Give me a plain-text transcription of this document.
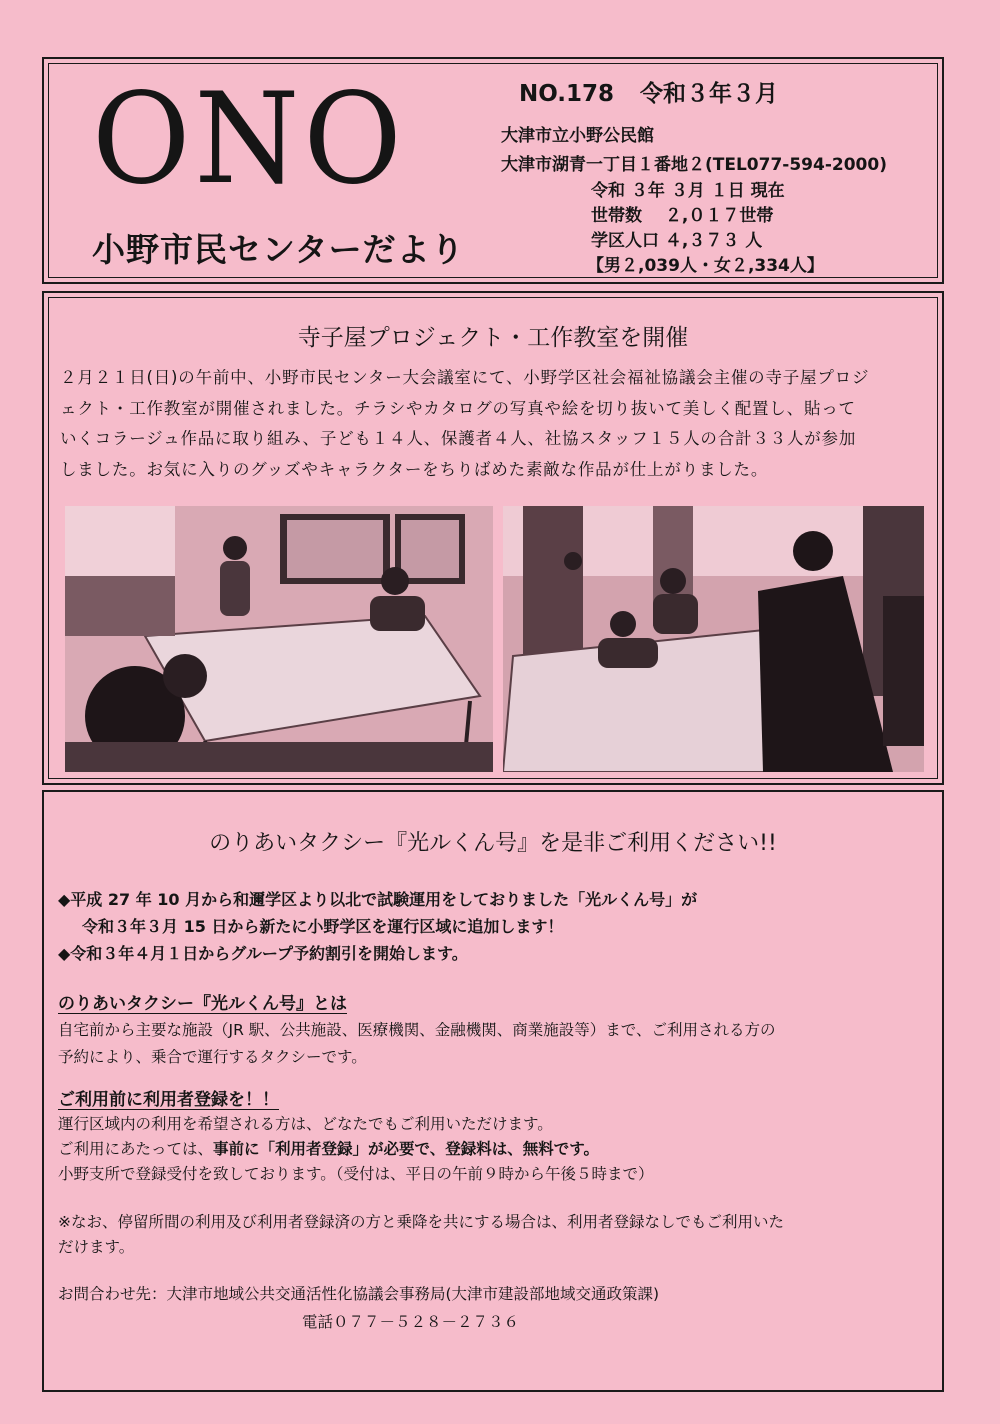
ONO
小野市民センターだより
NO.178 令和３年３月
大津市立小野公民館
大津市湖青一丁目１番地２(TEL077-594-2000)
令和 ３年 ３月 １日 現在
世帯数　 ２,０１７世帯
学区人口 ４,３７３ 人
【男２,039人・女２,334人】
寺子屋プロジェクト・工作教室を開催
２月２１日(日)の午前中、小野市民センター大会議室にて、小野学区社会福祉協議会主催の寺子屋プロジ
ェクト・工作教室が開催されました。チラシやカタログの写真や絵を切り抜いて美しく配置し、貼って
いくコラージュ作品に取り組み、子ども１４人、保護者４人、社協スタッフ１５人の合計３３人が参加
しました。お気に入りのグッズやキャラクターをちりばめた素敵な作品が仕上がりました。
のりあいタクシー『光ルくん号』を是非ご利用ください!!
◆平成 27 年 10 月から和邇学区より以北で試験運用をしておりました「光ルくん号」が
令和３年３月 15 日から新たに小野学区を運行区域に追加します！
◆令和３年４月１日からグループ予約割引を開始します。
のりあいタクシー『光ルくん号』とは
自宅前から主要な施設（JR 駅、公共施設、医療機関、金融機関、商業施設等）まで、ご利用される方の
予約により、乗合で運行するタクシーです。
ご利用前に利用者登録を！！
運行区域内の利用を希望される方は、どなたでもご利用いただけます。
ご利用にあたっては、事前に「利用者登録」が必要で、登録料は、無料です。
小野支所で登録受付を致しております。（受付は、平日の午前９時から午後５時まで）
※なお、停留所間の利用及び利用者登録済の方と乗降を共にする場合は、利用者登録なしでもご利用いた
だけます。
お問合わせ先：大津市地域公共交通活性化協議会事務局(大津市建設部地域交通政策課)
電話０７７－５２８－２７３６
